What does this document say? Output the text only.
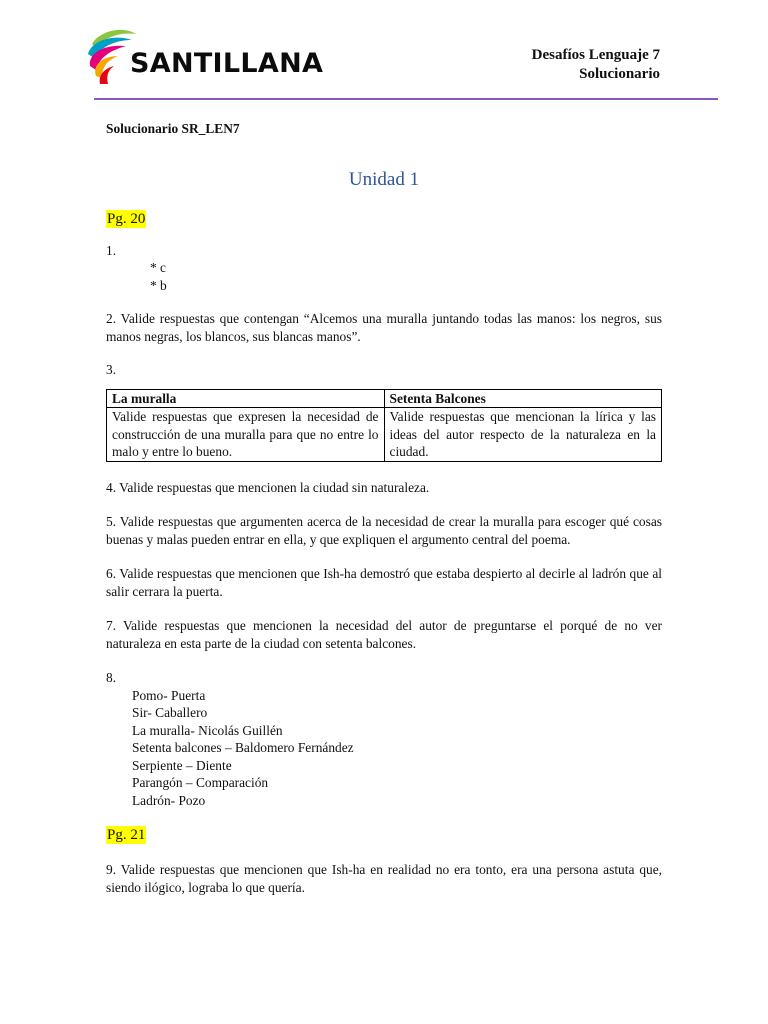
SANTILLANA	Desafíos Lenguaje 7
Solucionario

Solucionario SR_LEN7

Unidad 1
Pg. 20

1.

* c
* b

2. Valide respuestas que contengan “Alcemos una muralla juntando todas las manos: los negros, sus manos negras, los blancos, sus blancas manos”.

3.

La muralla	Setenta Balcones
Valide respuestas que expresen la necesidad de construcción de una muralla para que no entre lo malo y entre lo bueno.	Valide respuestas que mencionan la lírica y las ideas del autor respecto de la naturaleza en la ciudad.

4. Valide respuestas que mencionen la ciudad sin naturaleza.

5. Valide respuestas que argumenten acerca de la necesidad de crear la muralla para escoger qué cosas buenas y malas pueden entrar en ella, y que expliquen el argumento central del poema.

6. Valide respuestas que mencionen que Ish-ha demostró que estaba despierto al decirle al ladrón que al salir cerrara la puerta.

7. Valide respuestas que mencionen la necesidad del autor de preguntarse el porqué de no ver naturaleza en esta parte de la ciudad con setenta balcones.

8.

Pomo- Puerta
Sir- Caballero
La muralla- Nicolás Guillén
Setenta balcones – Baldomero Fernández
Serpiente – Diente
Parangón – Comparación
Ladrón- Pozo
Pg. 21

9. Valide respuestas que mencionen que Ish-ha en realidad no era tonto, era una persona astuta que, siendo ilógico, lograba lo que quería.
